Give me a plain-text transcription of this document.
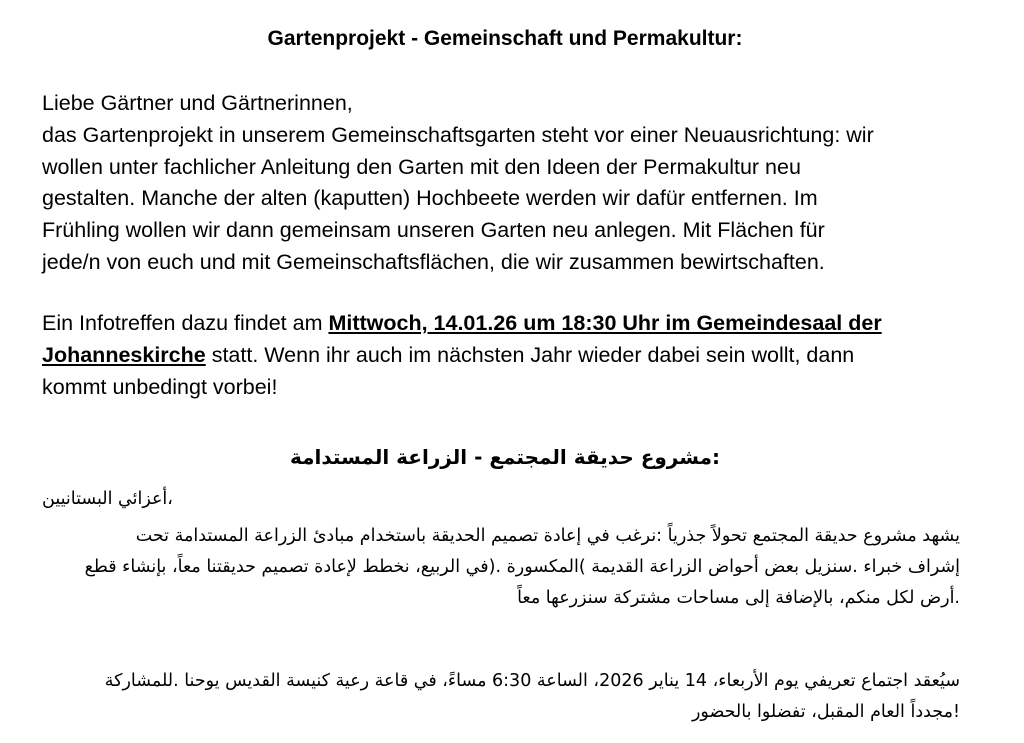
Gartenprojekt - Gemeinschaft und Permakultur:
Liebe Gärtner und Gärtnerinnen,
das Gartenprojekt in unserem Gemeinschaftsgarten steht vor einer Neuausrichtung: wir
wollen unter fachlicher Anleitung den Garten mit den Ideen der Permakultur neu
gestalten. Manche der alten (kaputten) Hochbeete werden wir dafür entfernen. Im
Frühling wollen wir dann gemeinsam unseren Garten neu anlegen. Mit Flächen für
jede/n von euch und mit Gemeinschaftsflächen, die wir zusammen bewirtschaften.
Ein Infotreffen dazu findet am Mittwoch, 14.01.26 um 18:30 Uhr im Gemeindesaal der
Johanneskirche statt. Wenn ihr auch im nächsten Jahr wieder dabei sein wollt, dann
kommt unbedingt vorbei!
:مشروع حديقة المجتمع - الزراعة المستدامة
،أعزائي البستانيين
يشهد مشروع حديقة المجتمع تحولاً جذرياً :نرغب في إعادة تصميم الحديقة باستخدام مبادئ الزراعة المستدامة تحت
إشراف خبراء .سنزيل بعض أحواض الزراعة القديمة )المكسورة .(في الربيع، نخطط لإعادة تصميم حديقتنا معاً، بإنشاء قطع
.أرض لكل منكم، بالإضافة إلى مساحات مشتركة سنزرعها معاً
سيُعقد اجتماع تعريفي يوم الأربعاء، 14 يناير 2026، الساعة 6:30 مساءً، في قاعة رعية كنيسة القديس يوحنا .للمشاركة
!مجدداً العام المقبل، تفضلوا بالحضور
